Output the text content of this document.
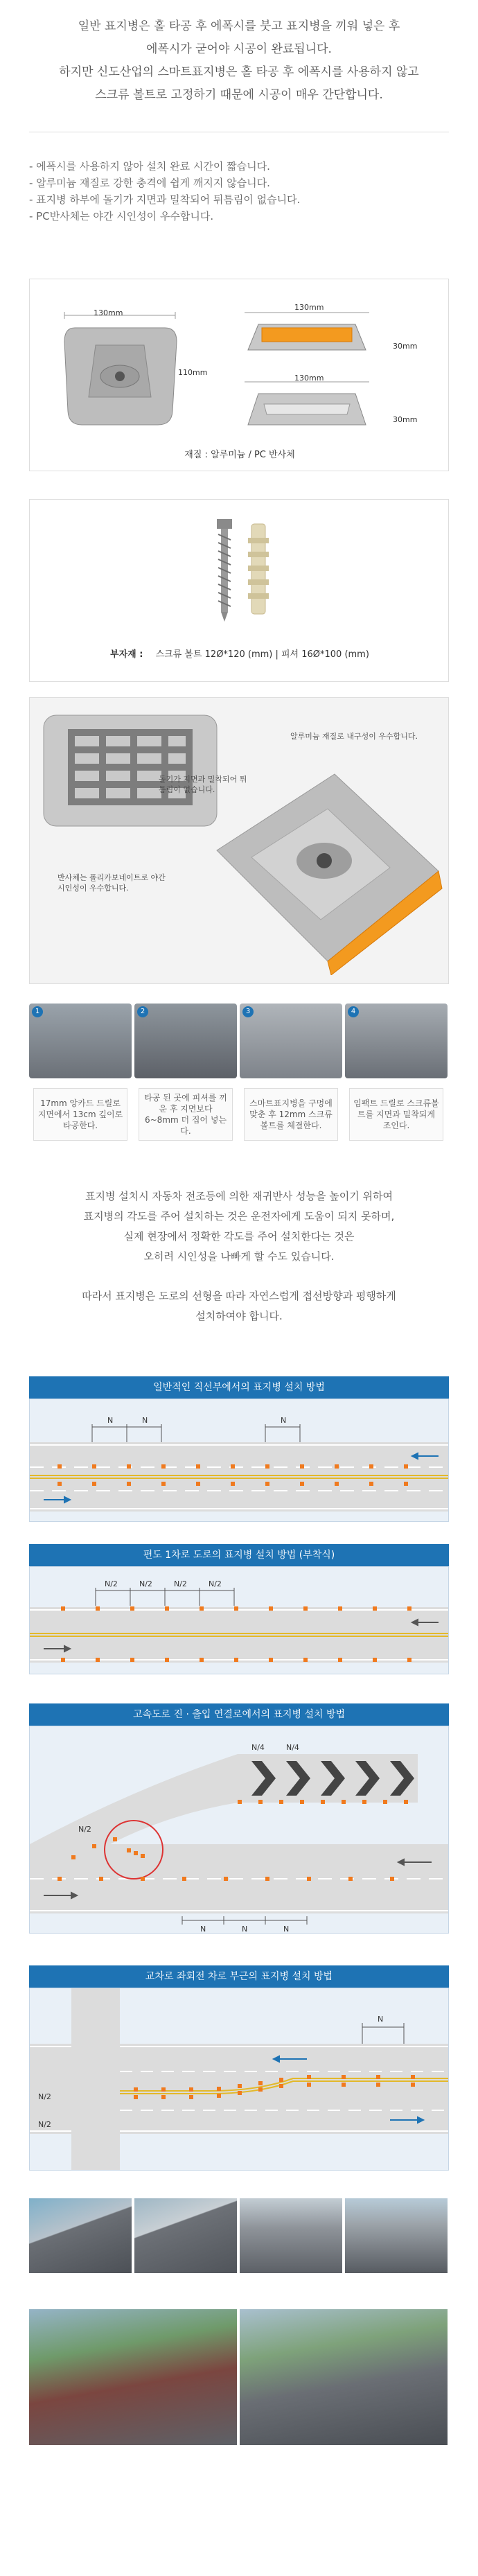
일반 표지병은 홀 타공 후 에폭시를 붓고 표지병을 끼워 넣은 후

에폭시가 굳어야 시공이 완료됩니다.

하지만 신도산업의 스마트표지병은 홀 타공 후 에폭시를 사용하지 않고

스크류 볼트로 고정하기 때문에 시공이 매우 간단합니다.

- 에폭시를 사용하지 않아 설치 완료 시간이 짧습니다.

- 알루미늄 재질로 강한 충격에 쉽게 깨지지 않습니다.

- 표지병 하부에 돌기가 지면과 밀착되어 튀틈림이 없습니다.

- PC반사체는 야간 시인성이 우수합니다.

130mm
110mm
130mm
30mm
130mm
30mm
재질 : 알루미늄 / PC 반사체
부자재 : 스크류 볼트 12Ø*120 (mm) | 피셔 16Ø*100 (mm)
돌기가 지면과 밀착되어 튀틈림이 없습니다.
반사체는 폴리카보네이트로 야간 시인성이 우수합니다.
알루미늄 재질로 내구성이 우수합니다.
1	2	3	4
17mm 앙카드 드릴로 지면에서 13cm 깊이로 타공한다.
타공 된 곳에 피셔를 끼운 후 지면보다 6~8mm 더 집어 넣는다.
스마트표지병을 구멍에 맞춘 후 12mm 스크류볼트를 체결한다.
임팩트 드릴로 스크류볼트를 지면과 밀착되게 조인다.
표지병 설치시 자동차 전조등에 의한 재귀반사 성능을 높이기 위하여
표지병의 각도를 주어 설치하는 것은 운전자에게 도움이 되지 못하며,
실제 현장에서 정확한 각도를 주어 설치한다는 것은
오히려 시인성을 나빠게 할 수도 있습니다.
따라서 표지병은 도로의 선형을 따라 자연스럽게 접선방향과 평행하게
설치하여야 합니다.
일반적인 직선부에서의 표지병 설치 방법
N	N	N
편도 1차로 도로의 표지병 설치 방법 (부착식)
N/2	N/2	N/2	N/2
고속도로 진 · 출입 연결로에서의 표지병 설치 방법
N	N	N
N/2
N/4	N/4
교차로 좌회전 차로 부근의 표지병 설치 방법
N
N/2
N/2
